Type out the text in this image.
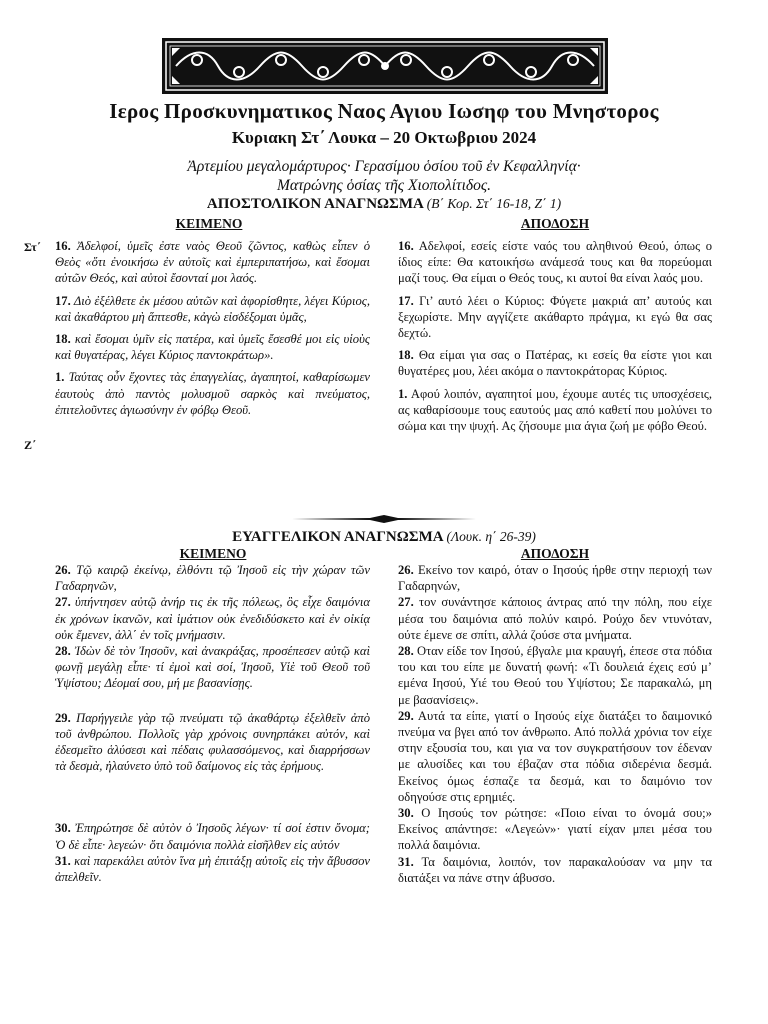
Ιερος Προσκυνηματικος Ναος Αγιου Ιωσηφ του Μνηστορος
Κυριακη Στ΄ Λουκα – 20 Οκτωβριου 2024
Ἀρτεμίου μεγαλομάρτυρος· Γερασίμου ὁσίου τοῦ ἐν Κεφαλληνίᾳ·
Ματρώνης ὁσίας τῆς Χιοπολίτιδος.
ΑΠΟΣΤΟΛΙΚΟΝ ΑΝΑΓΝΩΣΜΑ (Β΄ Κορ. Στ΄ 16-18, Ζ΄ 1)
ΚΕΙΜΕΝΟ	ΑΠΟΔΟΣΗ
Στ΄
Ζ΄

16. Ἀδελφοί, ὑμεῖς ἐστε ναὸς Θεοῦ ζῶντος, καθὼς εἶπεν ὁ Θεὸς «ὅτι ἐνοικήσω ἐν αὐτοῖς καὶ ἐμπεριπατήσω, καὶ ἔσομαι αὐτῶν Θεός, καὶ αὐτοὶ ἔσονταί μοι λαός.

17. Διὸ ἐξέλθετε ἐκ μέσου αὐτῶν καὶ ἀφορίσθητε, λέγει Κύριος, καὶ ἀκαθάρτου μὴ ἅπτεσθε, κἀγὼ εἰσδέξομαι ὑμᾶς,

18. καὶ ἔσομαι ὑμῖν εἰς πατέρα, καὶ ὑμεῖς ἔσεσθέ μοι εἰς υἱοὺς καὶ θυγατέρας, λέγει Κύριος παντοκράτωρ».

1. Ταύτας οὖν ἔχοντες τὰς ἐπαγγελίας, ἀγαπητοί, καθαρίσωμεν ἑαυτοὺς ἀπὸ παντὸς μολυσμοῦ σαρκὸς καὶ πνεύματος, ἐπιτελοῦντες ἁγιωσύνην ἐν φόβῳ Θεοῦ.

16. Αδελφοί, εσείς είστε ναός του αληθινού Θεού, όπως ο ίδιος είπε: Θα κατοικήσω ανάμεσά τους και θα πορεύομαι μαζί τους. Θα είμαι ο Θεός τους, κι αυτοί θα είναι λαός μου.

17. Γι’ αυτό λέει ο Κύριος: Φύγετε μακριά απ’ αυτούς και ξεχωρίστε. Μην αγγίζετε ακάθαρτο πράγμα, κι εγώ θα σας δεχτώ.

18. Θα είμαι για σας ο Πατέρας, κι εσείς θα είστε γιοι και θυγατέρες μου, λέει ακόμα ο παντοκράτορας Κύριος.

1. Αφού λοιπόν, αγαπητοί μου, έχουμε αυτές τις υποσχέσεις, ας καθαρίσουμε τους εαυτούς μας από καθετί που μολύνει το σώμα και την ψυχή. Ας ζήσουμε μια άγια ζωή με φόβο Θεού.

ΕΥΑΓΓΕΛΙΚΟΝ ΑΝΑΓΝΩΣΜΑ (Λουκ. η΄ 26-39)
ΚΕΙΜΕΝΟ	ΑΠΟΔΟΣΗ

26. Τῷ καιρῷ ἐκείνῳ, ἐλθόντι τῷ Ἰησοῦ εἰς τὴν χώραν τῶν Γαδαρηνῶν,

27. ὑπήντησεν αὐτῷ ἀνήρ τις ἐκ τῆς πόλεως, ὃς εἶχε δαιμόνια ἐκ χρόνων ἱκανῶν, καὶ ἱμάτιον οὐκ ἐνεδιδύσκετο καὶ ἐν οἰκίᾳ οὐκ ἔμενεν, ἀλλ΄ ἐν τοῖς μνήμασιν.

28. Ἰδὼν δὲ τὸν Ἰησοῦν, καὶ ἀνακράξας, προσέπεσεν αὐτῷ καὶ φωνῇ μεγάλῃ εἶπε· τί ἐμοὶ καὶ σοί, Ἰησοῦ, Υἱὲ τοῦ Θεοῦ τοῦ Ὑψίστου; Δέομαί σου, μή με βασανίσῃς.

29. Παρήγγειλε γὰρ τῷ πνεύματι τῷ ἀκαθάρτῳ ἐξελθεῖν ἀπὸ τοῦ ἀνθρώπου. Πολλοῖς γὰρ χρόνοις συνηρπάκει αὐτόν, καὶ ἐδεσμεῖτο ἁλύσεσι καὶ πέδαις φυλασσόμενος, καὶ διαρρήσσων τὰ δεσμὰ, ἠλαύνετο ὑπὸ τοῦ δαίμονος εἰς τὰς ἐρήμους.

30. Ἐπηρώτησε δὲ αὐτὸν ὁ Ἰησοῦς λέγων· τί σοί ἐστιν ὄνομα; Ὁ δὲ εἶπε· λεγεών· ὅτι δαιμόνια πολλὰ εἰσῆλθεν εἰς αὐτόν

31. καὶ παρεκάλει αὐτὸν ἵνα μὴ ἐπιτάξῃ αὐτοῖς εἰς τὴν ἄβυσσον ἀπελθεῖν.

26. Εκείνο τον καιρό, όταν ο Ιησούς ήρθε στην περιοχή των Γαδαρηνών,

27. τον συνάντησε κάποιος άντρας από την πόλη, που είχε μέσα του δαιμόνια από πολύν καιρό. Ρούχο δεν ντυνόταν, ούτε έμενε σε σπίτι, αλλά ζούσε στα μνήματα.

28. Οταν είδε τον Ιησού, έβγαλε μια κραυγή, έπεσε στα πόδια του και του είπε με δυνατή φωνή: «Τι δουλειά έχεις εσύ μ’ εμένα Ιησού, Υιέ του Θεού του Υψίστου; Σε παρακαλώ, μη με βασανίσεις».

29. Αυτά τα είπε, γιατί ο Ιησούς είχε διατάξει το δαιμονικό πνεύμα να βγει από τον άνθρωπο. Από πολλά χρόνια τον είχε στην εξουσία του, και για να τον συγκρατήσουν τον έδεναν με αλυσίδες και του έβαζαν στα πόδια σιδερένια δεσμά. Εκείνος όμως έσπαζε τα δεσμά, και το δαιμόνιο τον οδηγούσε στις ερημιές.

30. Ο Ιησούς τον ρώτησε: «Ποιο είναι το όνομά σου;» Εκείνος απάντησε: «Λεγεών»· γιατί είχαν μπει μέσα του πολλά δαιμόνια.

31. Τα δαιμόνια, λοιπόν, τον παρακαλούσαν να μην τα διατάξει να πάνε στην άβυσσο.
